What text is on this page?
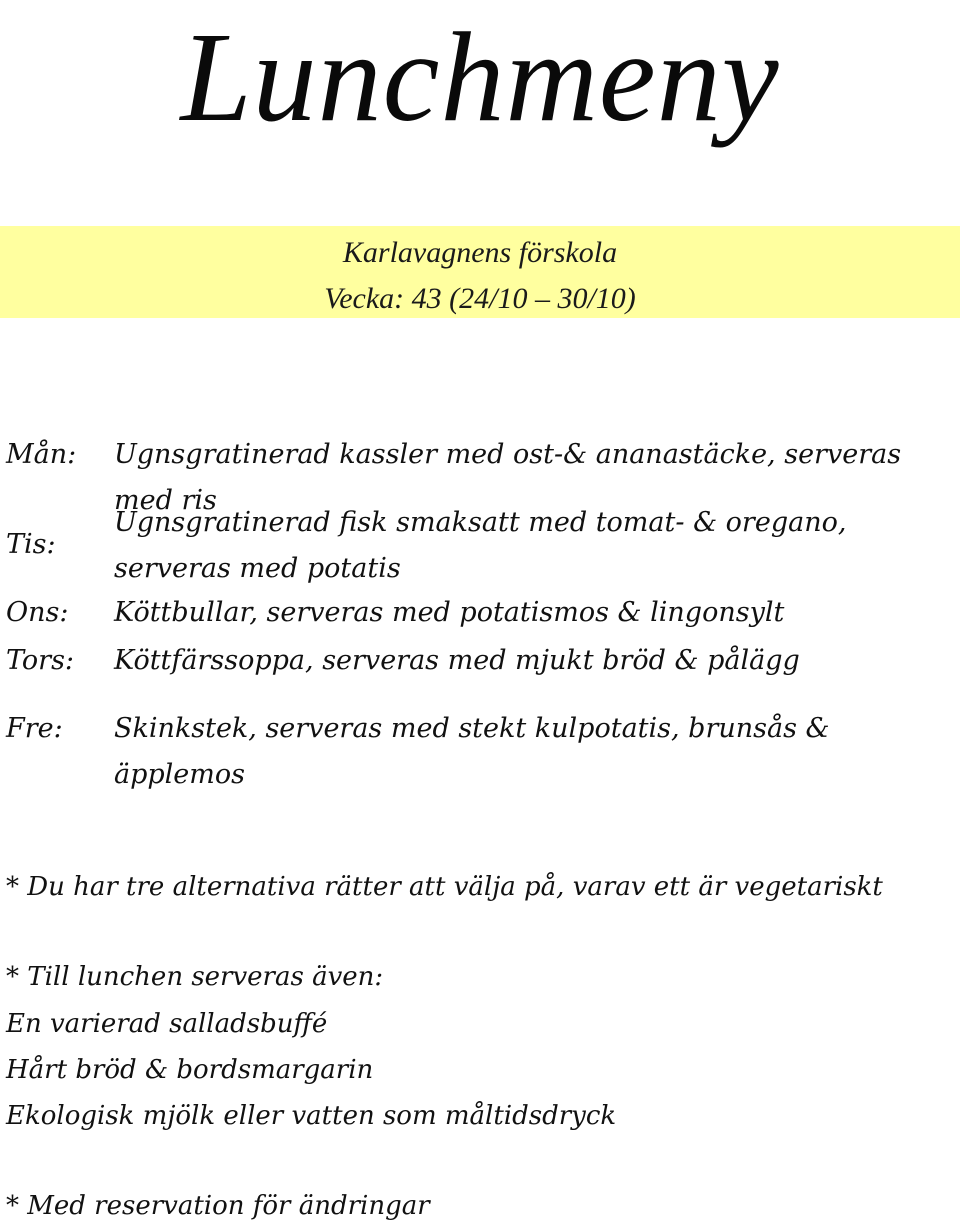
Lunchmeny
Karlavagnens förskola
Vecka: 43 (24/10 – 30/10)
Mån: Ugnsgratinerad kassler med ost-& ananastäcke, serveras med ris
Tis:
Ugnsgratinerad fisk smaksatt med tomat- & oregano, serveras med potatis
Ons: Köttbullar, serveras med potatismos & lingonsylt
Tors: Köttfärssoppa, serveras med mjukt bröd & pålägg
Fre: Skinkstek, serveras med stekt kulpotatis, brunsås & äpplemos
* Du har tre alternativa rätter att välja på, varav ett är vegetariskt
* Till lunchen serveras även:
En varierad salladsbuffé
Hårt bröd & bordsmargarin
Ekologisk mjölk eller vatten som måltidsdryck
* Med reservation för ändringar
